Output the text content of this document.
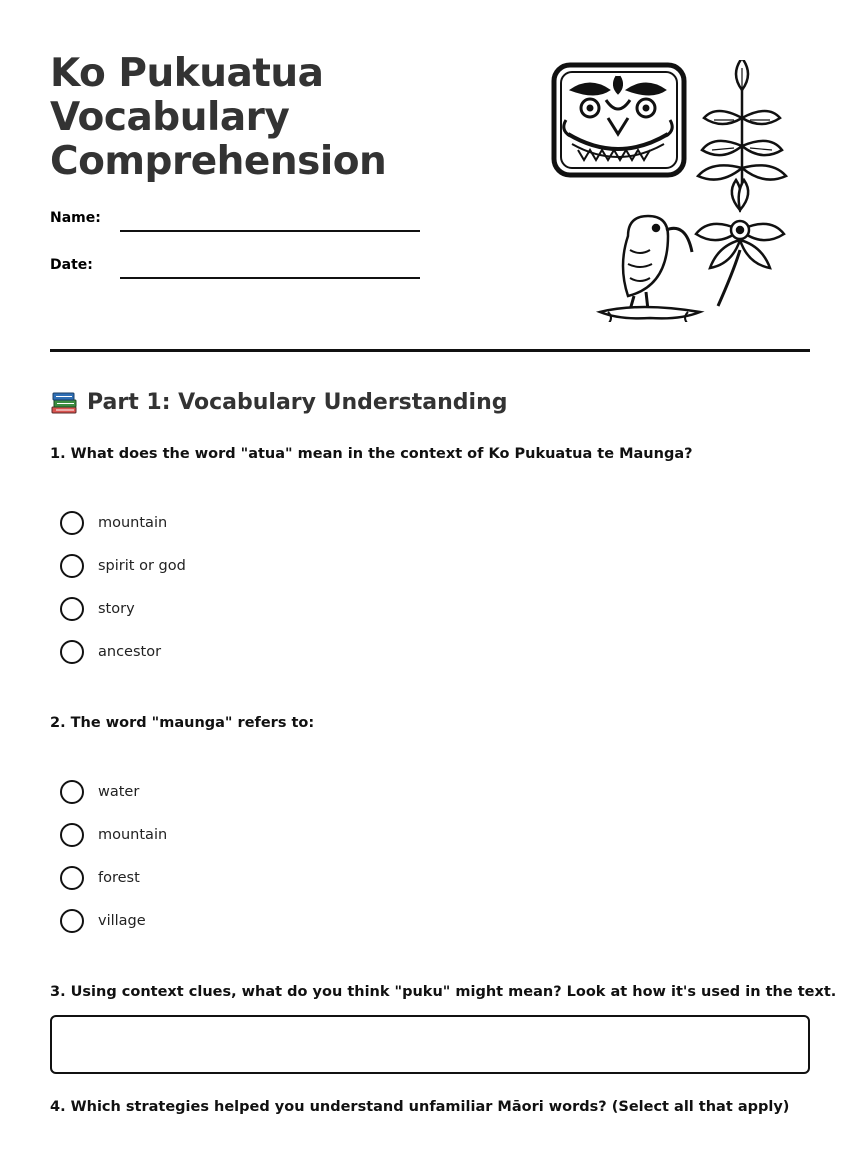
Ko Pukuatua
Vocabulary
Comprehension
Name:
Date:
Part 1: Vocabulary Understanding
1. What does the word "atua" mean in the context of Ko Pukuatua te Maunga?
mountain
spirit or god
story
ancestor
2. The word "maunga" refers to:
water
mountain
forest
village
3. Using context clues, what do you think "puku" might mean? Look at how it's used in the text.
4. Which strategies helped you understand unfamiliar Māori words? (Select all that apply)
